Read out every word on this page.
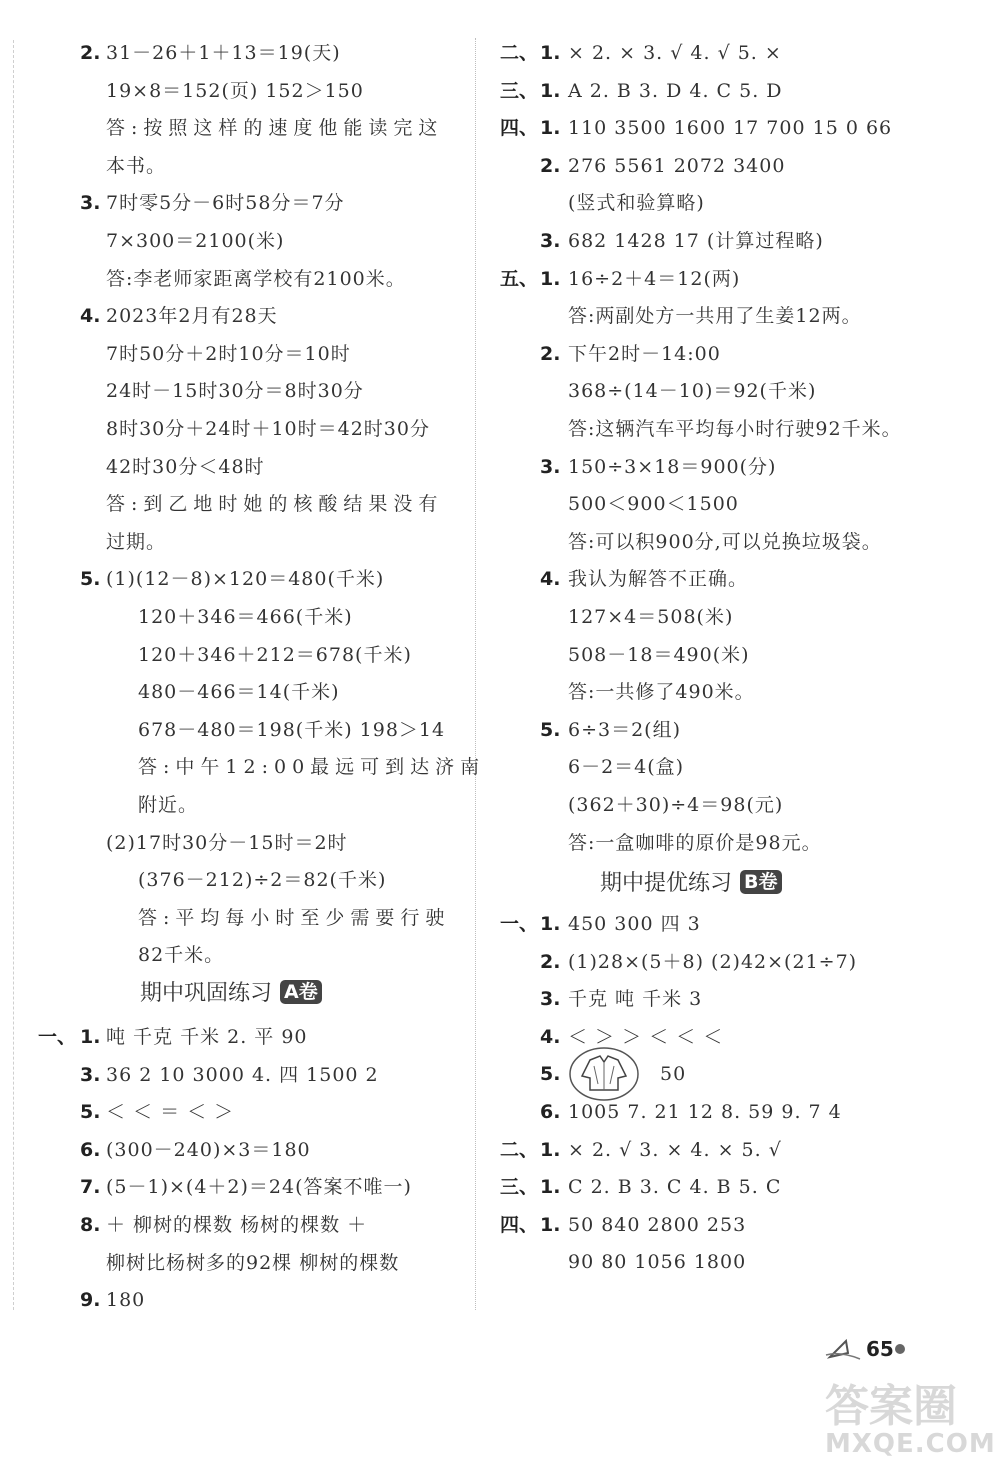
2. 31－26＋1＋13＝19(天)
19×8＝152(页) 152＞150
答:按照这样的速度他能读完这
本书。
3. 7时零5分－6时58分＝7分
7×300＝2100(米)
答:李老师家距离学校有2100米。
4. 2023年2月有28天
7时50分＋2时10分＝10时
24时－15时30分＝8时30分
8时30分＋24时＋10时＝42时30分
42时30分＜48时
答:到乙地时她的核酸结果没有
过期。
5. (1)(12－8)×120＝480(千米)
120＋346＝466(千米)
120＋346＋212＝678(千米)
480－466＝14(千米)
678－480＝198(千米) 198＞14
答:中午12:00最远可到达济南
附近。
(2)17时30分－15时＝2时
(376－212)÷2＝82(千米)
答:平均每小时至少需要行驶
82千米。
期中巩固练习 A卷
一、 1. 吨 千克 千米 2. 平 90
3. 36 2 10 3000 4. 四 1500 2
5. ＜ ＜ ＝ ＜ ＞
6. (300－240)×3＝180
7. (5－1)×(4＋2)＝24(答案不唯一)
8. ＋ 柳树的棵数 杨树的棵数 ＋
柳树比杨树多的92棵 柳树的棵数
9. 180
二、 1. × 2. × 3. √ 4. √ 5. ×
三、 1. A 2. B 3. D 4. C 5. D
四、 1. 110 3500 1600 17 700 15 0 66
2. 276 5561 2072 3400
(竖式和验算略)
3. 682 1428 17 (计算过程略)
五、 1. 16÷2＋4＝12(两)
答:两副处方一共用了生姜12两。
2. 下午2时－14:00
368÷(14－10)＝92(千米)
答:这辆汽车平均每小时行驶92千米。
3. 150÷3×18＝900(分)
500＜900＜1500
答:可以积900分,可以兑换垃圾袋。
4. 我认为解答不正确。
127×4＝508(米)
508－18＝490(米)
答:一共修了490米。
5. 6÷3＝2(组)
6－2＝4(盒)
(362＋30)÷4＝98(元)
答:一盒咖啡的原价是98元。
期中提优练习 B卷
一、 1. 450 300 四 3
2. (1)28×(5＋8) (2)42×(21÷7)
3. 千克 吨 千米 3
4. ＜ ＞ ＞ ＜ ＜ ＜
5.	50
6. 1005 7. 21 12 8. 59 9. 7 4
二、 1. × 2. √ 3. × 4. × 5. √
三、 1. C 2. B 3. C 4. B 5. C
四、 1. 50 840 2800 253
90 80 1056 1800
65
答案圈
MXQE.COM
